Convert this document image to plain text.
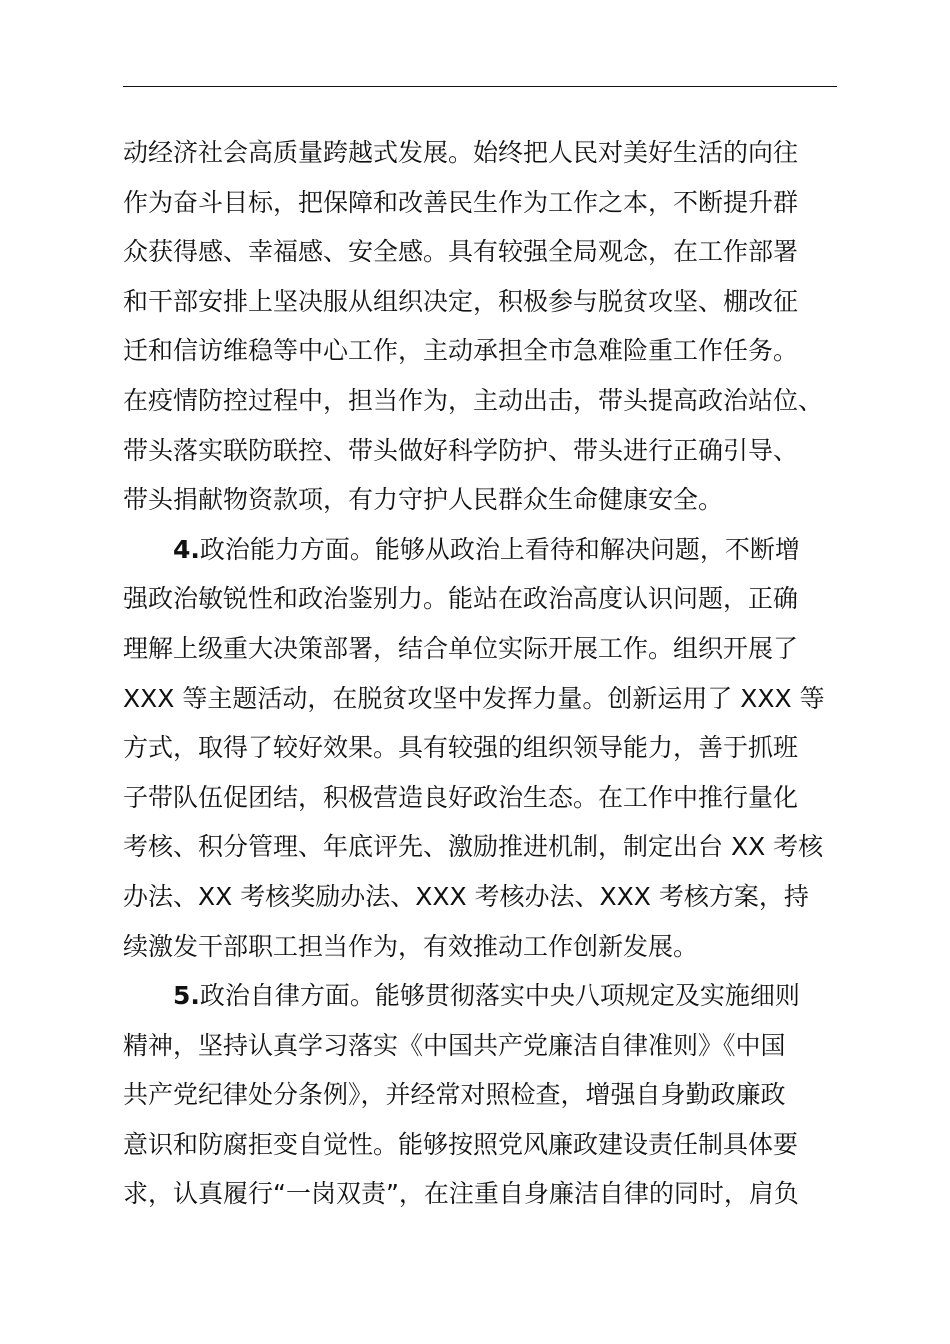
动经济社会高质量跨越式发展。始终把人民对美好生活的向往
作为奋斗目标，把保障和改善民生作为工作之本，不断提升群
众获得感、幸福感、安全感。具有较强全局观念，在工作部署
和干部安排上坚决服从组织决定，积极参与脱贫攻坚、棚改征
迁和信访维稳等中心工作，主动承担全市急难险重工作任务。
在疫情防控过程中，担当作为，主动出击，带头提高政治站位、
带头落实联防联控、带头做好科学防护、带头进行正确引导、
带头捐献物资款项，有力守护人民群众生命健康安全。
4.政治能力方面。能够从政治上看待和解决问题，不断增
强政治敏锐性和政治鉴别力。能站在政治高度认识问题，正确
理解上级重大决策部署，结合单位实际开展工作。组织开展了
XXX 等主题活动，在脱贫攻坚中发挥力量。创新运用了 XXX 等
方式，取得了较好效果。具有较强的组织领导能力，善于抓班
子带队伍促团结，积极营造良好政治生态。在工作中推行量化
考核、积分管理、年底评先、激励推进机制，制定出台 XX 考核
办法、XX 考核奖励办法、XXX 考核办法、XXX 考核方案，持
续激发干部职工担当作为，有效推动工作创新发展。
5.政治自律方面。能够贯彻落实中央八项规定及实施细则
精神，坚持认真学习落实《中国共产党廉洁自律准则》《中国
共产党纪律处分条例》，并经常对照检查，增强自身勤政廉政
意识和防腐拒变自觉性。能够按照党风廉政建设责任制具体要
求，认真履行“一岗双责”，在注重自身廉洁自律的同时，肩负
